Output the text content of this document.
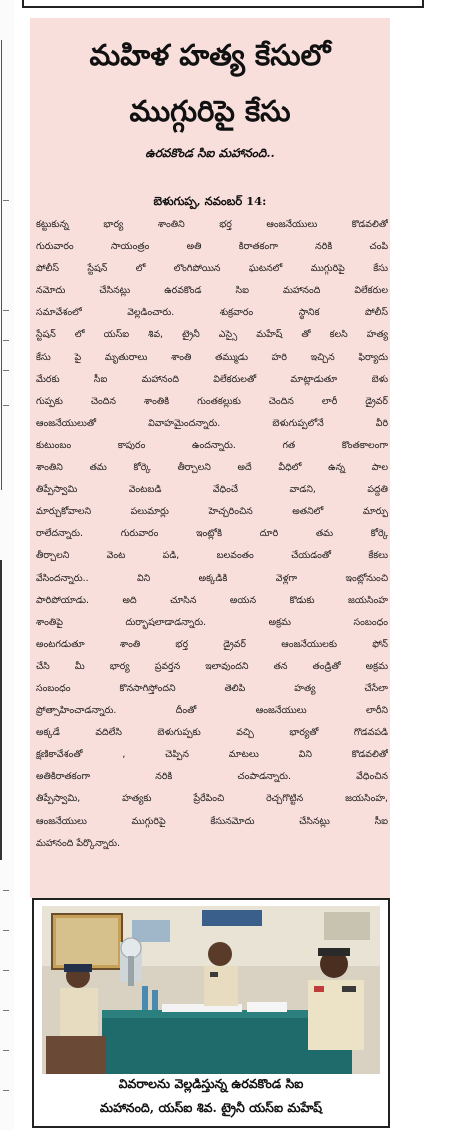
మహిళ హత్య కేసులో
ముగ్గురిపై కేసు
ఉరవకొండ సిఐ మహానంది..
బెళుగుప్ప, నవంబర్ 14:
కట్టుకున్న భార్య శాంతిని భర్త ఆంజనేయులు కొడవలితో
గురువారం సాయంత్రం అతి కిరాతకంగా నరికి చంపి
పోలీస్ స్టేషన్ లో లొంగిపోయిన ఘటనలో ముగ్గురిపై కేసు
నమోదు చేసినట్లు ఉరవకొండ సిఐ మహానంది విలేకరుల
సమావేశంలో వెల్లడించారు. శుక్రవారం స్థానిక పోలీస్
స్టేషన్ లో యస్ఐ శివ, ట్రైనీ ఎస్సై మహేష్ తో కలసి హత్య
కేసు పై మృతురాలు శాంతి తమ్ముడు హరి ఇచ్చిన ఫిర్యాదు
మేరకు సీఐ మహానంది విలేకరులతో మాట్లాడుతూ బెళు
గుప్పకు చెందిన శాంతికి గుంతకల్లుకు చెందిన లారీ డ్రైవర్
ఆంజనేయులుతో వివాహమైందన్నారు. బెళుగుప్పలోనే వీరి
కుటుంబం కాపురం ఉందన్నారు. గత కొంతకాలంగా
శాంతిని తమ కోర్కె తీర్చాలని అదే వీధిలో ఉన్న పాల
తిప్పేస్వామి వెంటబడి వేధించే వాడని, పద్దతి
మార్చుకోవాలని పలుమార్లు హెచ్చరించిన అతనిలో మార్పు
రాలేదన్నారు. గురువారం ఇంట్లోకి దూరి తమ కోర్కె
తీర్చాలని వెంట పడి, బలవంతం చేయడంతో కేకలు
వేసిందన్నారు.. విని అక్కడికి వెళ్లగా ఇంట్లోనుంచి
పారిపోయాడు. అది చూసిన అయన కొడుకు జయసింహ
శాంతిపై దుర్భాషలాడాడన్నారు. అక్రమ సంబంధం
అంటగడుతూ శాంతి భర్త డ్రైవర్ ఆంజనేయులకు ఫోన్
చేసి మీ భార్య ప్రవర్తన ఇలావుందని తన తండ్రితో అక్రమ
సంబంధం కొనసాగిస్తోందని తెలిపి హత్య చేసేలా
ప్రోత్సాహించాడన్నారు. దీంతో ఆంజనేయులు లారీని
అక్కడే వదిలేసి బెళుగుప్పకు వచ్చి భార్యతో గొడవపడి
క్షణికావేశంతో , చెప్పిన మాటలు విని కొడవలితో
అతికిరాతకంగా నరికి చంపాడన్నారు. వేధించిన
తిప్పేస్వామి, హత్యకు ప్రేరేపించి రెచ్చగొట్టిన జయసింహ,
ఆంజనేయులు ముగ్గురిపై కేసునమోదు చేసినట్లు సీఐ
మహానంది పేర్కొన్నారు.
వివరాలను వెల్లడిస్తున్న ఉరవకొండ సిఐ
మహానంది, యస్ఐ శివ. ట్రైనీ యస్ఐ మహేష్
